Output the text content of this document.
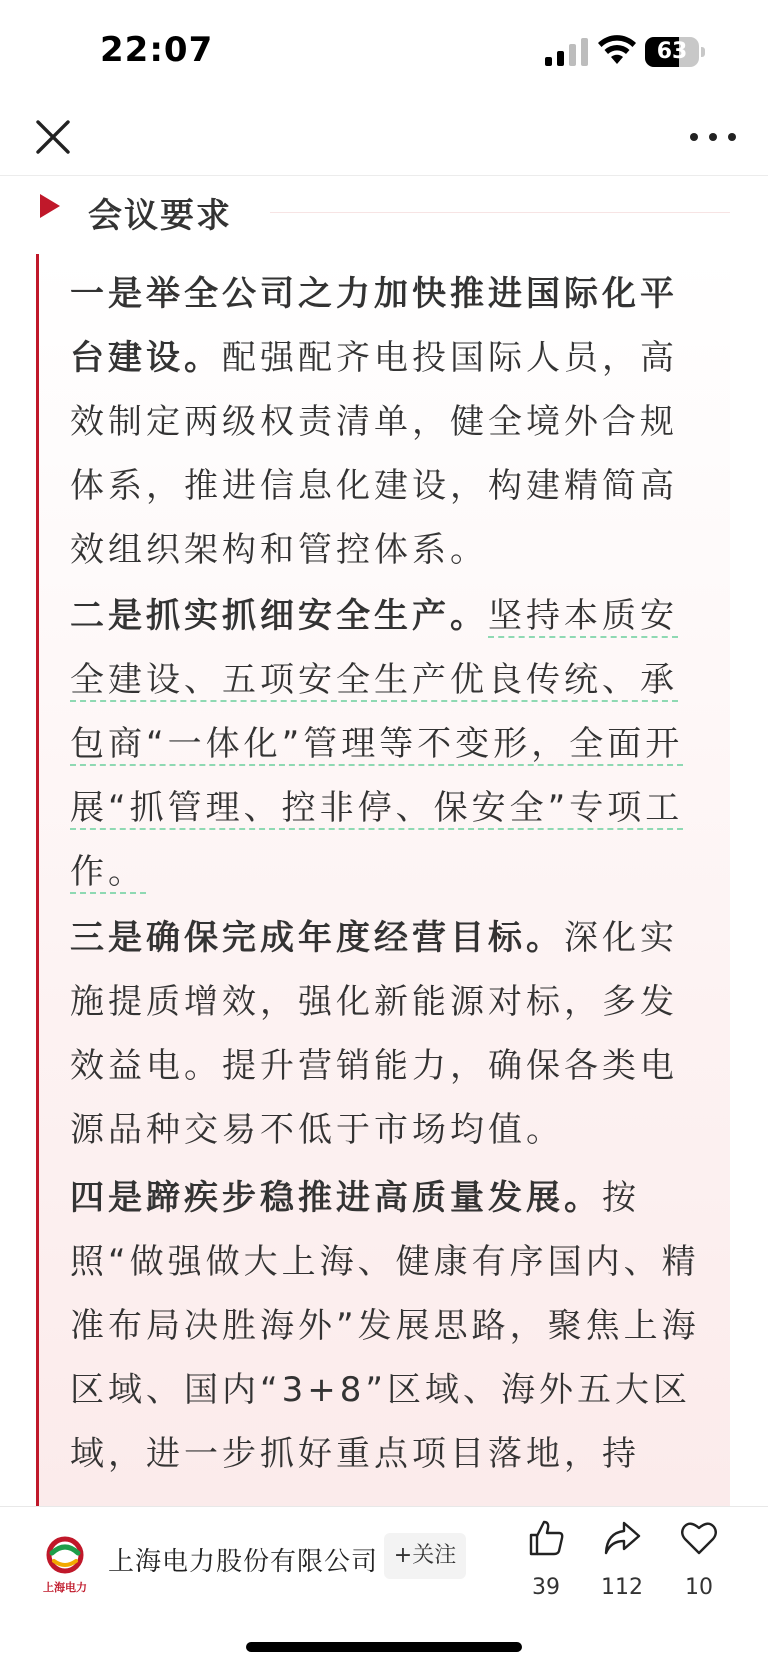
22:07	63
会议要求

一是举全公司之力加快推进国际化平台建设。配强配齐电投国际人员，高效制定两级权责清单，健全境外合规体系，推进信息化建设，构建精简高效组织架构和管控体系。

二是抓实抓细安全生产。坚持本质安全建设、五项安全生产优良传统、承包商“一体化”管理等不变形，全面开展“抓管理、控非停、保安全”专项工作。

三是确保完成年度经营目标。深化实施提质增效，强化新能源对标，多发效益电。提升营销能力，确保各类电源品种交易不低于市场均值。

四是蹄疾步稳推进高质量发展。按照“做强做大上海、健康有序国内、精准布局决胜海外”发展思路，聚焦上海区域、国内“3+8”区域、海外五大区域，进一步抓好重点项目落地，持

上海电力
上海电力股份有限公司 +关注
39	112	10
